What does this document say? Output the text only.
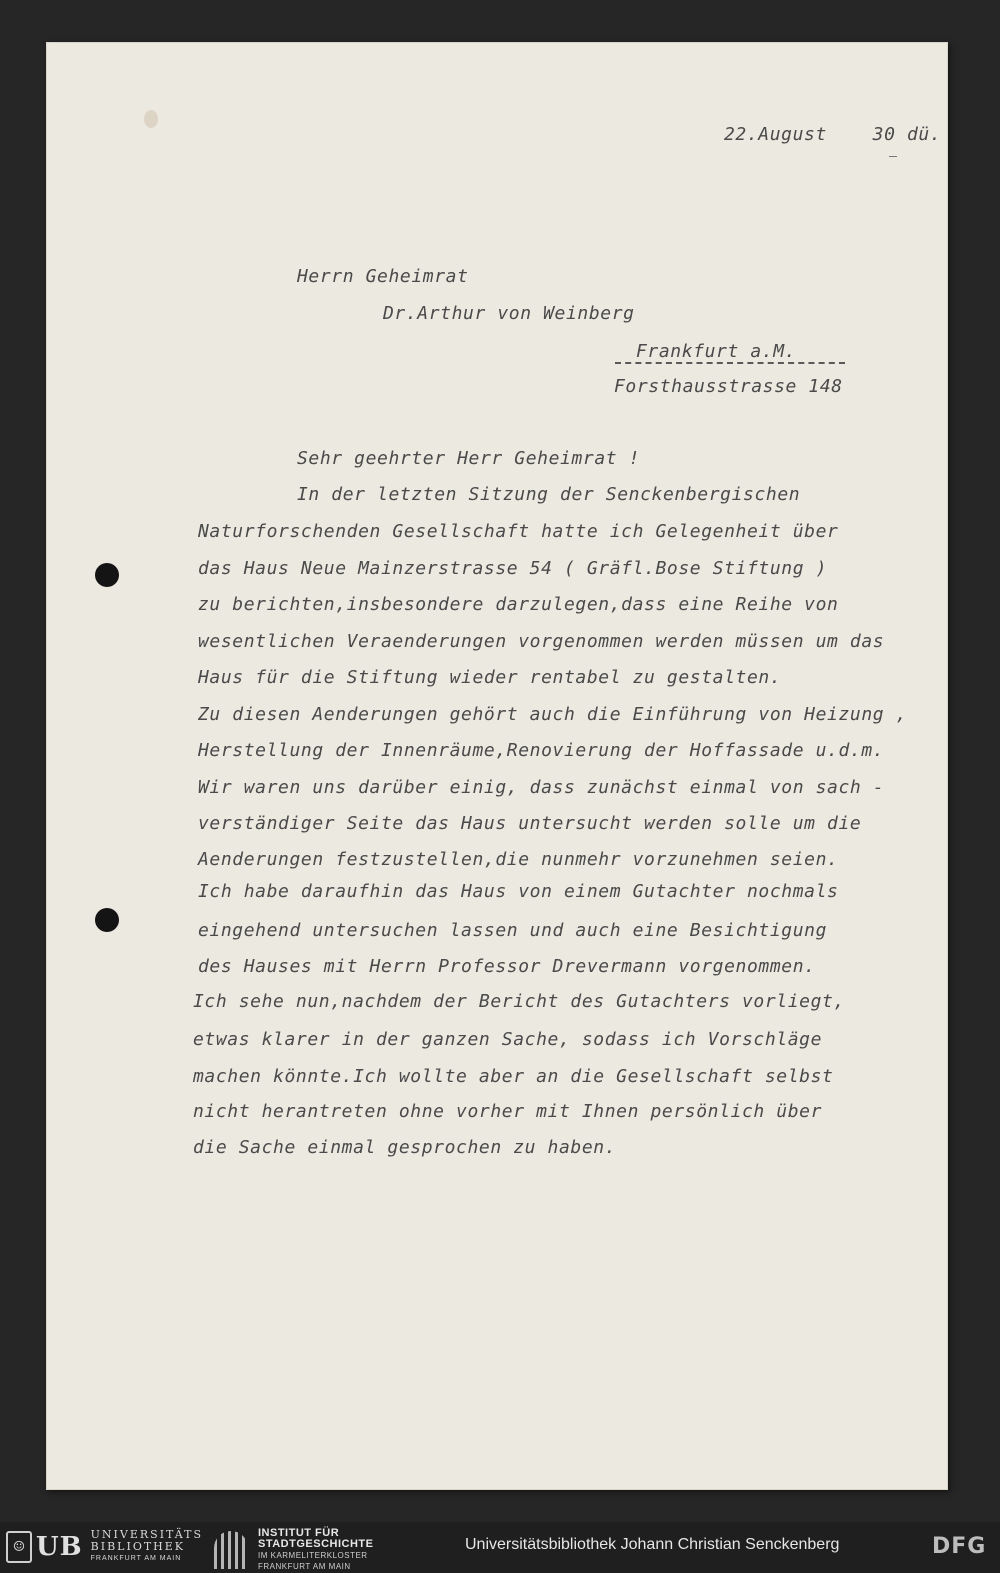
22.August    30 dü.

Herrn Geheimrat

Dr.Arthur von Weinberg

Frankfurt a.M.

Forsthausstrasse 148

Sehr geehrter Herr Geheimrat !

In der letzten Sitzung der Senckenbergischen

Naturforschenden Gesellschaft hatte ich Gelegenheit über

das Haus Neue Mainzerstrasse 54 ( Gräfl.Bose Stiftung )

zu berichten,insbesondere darzulegen,dass eine Reihe von

wesentlichen Veraenderungen vorgenommen werden müssen um das

Haus für die Stiftung wieder rentabel zu gestalten.

Zu diesen Aenderungen gehört auch die Einführung von Heizung ,

Herstellung der Innenräume,Renovierung der Hoffassade u.d.m.

Wir waren uns darüber einig, dass zunächst einmal von sach -

verständiger Seite das Haus untersucht werden solle um die

Aenderungen festzustellen,die nunmehr vorzunehmen seien.

Ich habe daraufhin das Haus von einem Gutachter nochmals

eingehend untersuchen lassen und auch eine Besichtigung

des Hauses mit Herrn Professor Drevermann vorgenommen.

Ich sehe nun,nachdem der Bericht des Gutachters vorliegt,

etwas klarer in der ganzen Sache, sodass ich Vorschläge

machen könnte.Ich wollte aber an die Gesellschaft selbst

nicht herantreten ohne vorher mit Ihnen persönlich über

die Sache einmal gesprochen zu haben.

☺ UB UNIVERSITÄTS
BIBLIOTHEK
FRANKFURT AM MAIN
INSTITUT FÜR
STADTGESCHICHTE
IM KARMELITERKLOSTER
FRANKFURT AM MAIN
Universitätsbibliothek Johann Christian Senckenberg	DFG
